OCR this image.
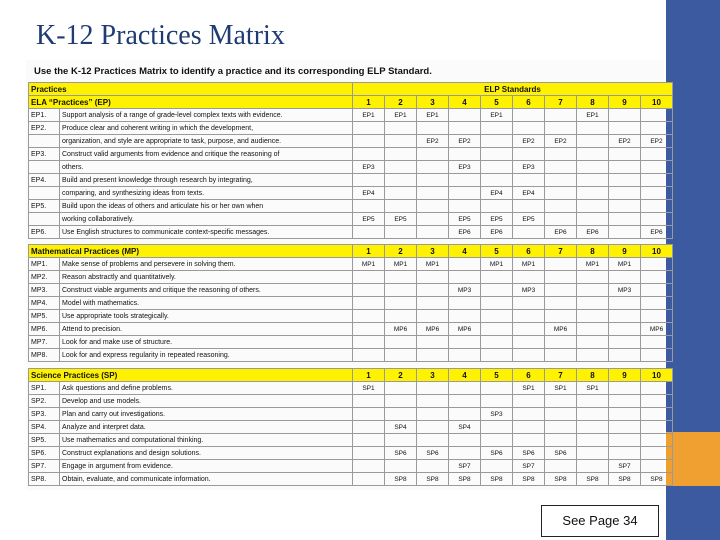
K-12 Practices Matrix

Use the K-12 Practices Matrix to identify a practice and its corresponding ELP Standard.

Practices		ELP Standards									
ELA “Practices” (EP)		1	2	3	4	5	6	7	8	9	10
EP1.	Support analysis of a range of grade-level complex texts with evidence.	EP1	EP1	EP1		EP1			EP1		
EP2.	Produce clear and coherent writing in which the development,										
	organization, and style are appropriate to task, purpose, and audience.			EP2	EP2		EP2	EP2		EP2	EP2
EP3.	Construct valid arguments from evidence and critique the reasoning of										
	others.	EP3			EP3		EP3				
EP4.	Build and present knowledge through research by integrating,										
	comparing, and synthesizing ideas from texts.	EP4				EP4	EP4				
EP5.	Build upon the ideas of others and articulate his or her own when										
	working collaboratively.	EP5	EP5		EP5	EP5	EP5				
EP6.	Use English structures to communicate context-specific messages.				EP6	EP6		EP6	EP6		EP6
Mathematical Practices (MP)		1	2	3	4	5	6	7	8	9	10
MP1.	Make sense of problems and persevere in solving them.	MP1	MP1	MP1		MP1	MP1		MP1	MP1	
MP2.	Reason abstractly and quantitatively.										
MP3.	Construct viable arguments and critique the reasoning of others.				MP3		MP3			MP3	
MP4.	Model with mathematics.										
MP5.	Use appropriate tools strategically.										
MP6.	Attend to precision.		MP6	MP6	MP6			MP6			MP6
MP7.	Look for and make use of structure.										
MP8.	Look for and express regularity in repeated reasoning.										
Science Practices (SP)		1	2	3	4	5	6	7	8	9	10
SP1.	Ask questions and define problems.	SP1					SP1	SP1	SP1		
SP2.	Develop and use models.										
SP3.	Plan and carry out investigations.					SP3					
SP4.	Analyze and interpret data.		SP4		SP4						
SP5.	Use mathematics and computational thinking.										
SP6.	Construct explanations and design solutions.		SP6	SP6		SP6	SP6	SP6			
SP7.	Engage in argument from evidence.				SP7		SP7			SP7	
SP8.	Obtain, evaluate, and communicate information.		SP8	SP8	SP8	SP8	SP8	SP8	SP8	SP8	SP8
See Page 34
